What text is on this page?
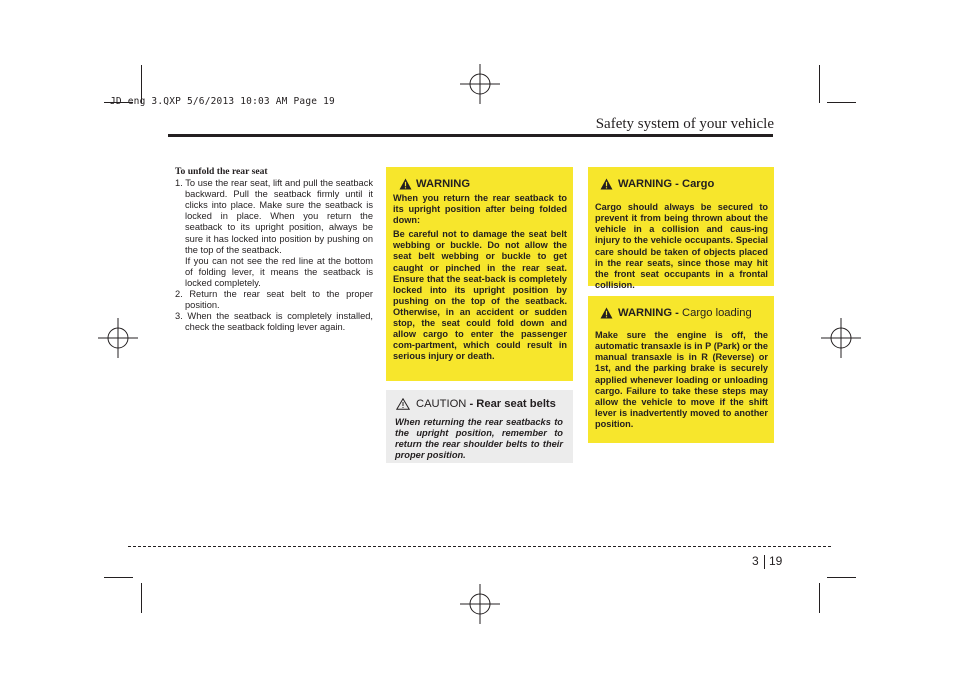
JD eng 3.QXP 5/6/2013 10:03 AM Page 19
Safety system of your vehicle
To unfold the rear seat

1. To use the rear seat, lift and pull the seatback backward. Pull the seatback firmly until it clicks into place. Make sure the seatback is locked in place. When you return the seatback to its upright position, always be sure it has locked into position by pushing on the top of the seatback.

If you can not see the red line at the bottom of folding lever, it means the seatback is locked completely.

2. Return the rear seat belt to the proper position.

3. When the seatback is completely installed, check the seatback folding lever again.

WARNING

When you return the rear seatback to its upright position after being folded down:

Be careful not to damage the seat belt webbing or buckle. Do not allow the seat belt webbing or buckle to get caught or pinched in the rear seat. Ensure that the seat-back is completely locked into its upright position by pushing on the top of the seatback. Otherwise, in an accident or sudden stop, the seat could fold down and allow cargo to enter the passenger com-partment, which could result in serious injury or death.

CAUTION - Rear seat belts

When returning the rear seatbacks to the upright position, remember to return the rear shoulder belts to their proper position.

WARNING - Cargo

Cargo should always be secured to prevent it from being thrown about the vehicle in a collision and caus-ing injury to the vehicle occupants. Special care should be taken of objects placed in the rear seats, since those may hit the front seat occupants in a frontal collision.

WARNING - Cargo loading

Make sure the engine is off, the automatic transaxle is in P (Park) or the manual transaxle is in R (Reverse) or 1st, and the parking brake is securely applied whenever loading or unloading cargo. Failure to take these steps may allow the vehicle to move if the shift lever is inadvertently moved to another position.

3 19
